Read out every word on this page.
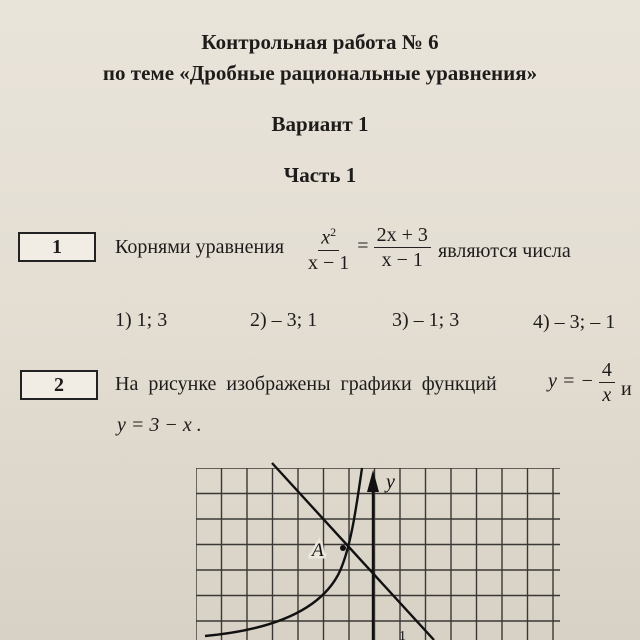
Контрольная работа № 6
по теме «Дробные рациональные уравнения»
Вариант 1
Часть 1
1	Корнями уравнения $\frac{x^2}{x - 1} = \frac{2x + 3}{x - 1}$ являются числа
1) 1; 3	2) – 3; 1	3) – 1; 3	4) – 3; – 1
2	На рисунке изображены графики функций	y = − $\frac{4}{x}$ и
y = 3 − x .
y
A
1
